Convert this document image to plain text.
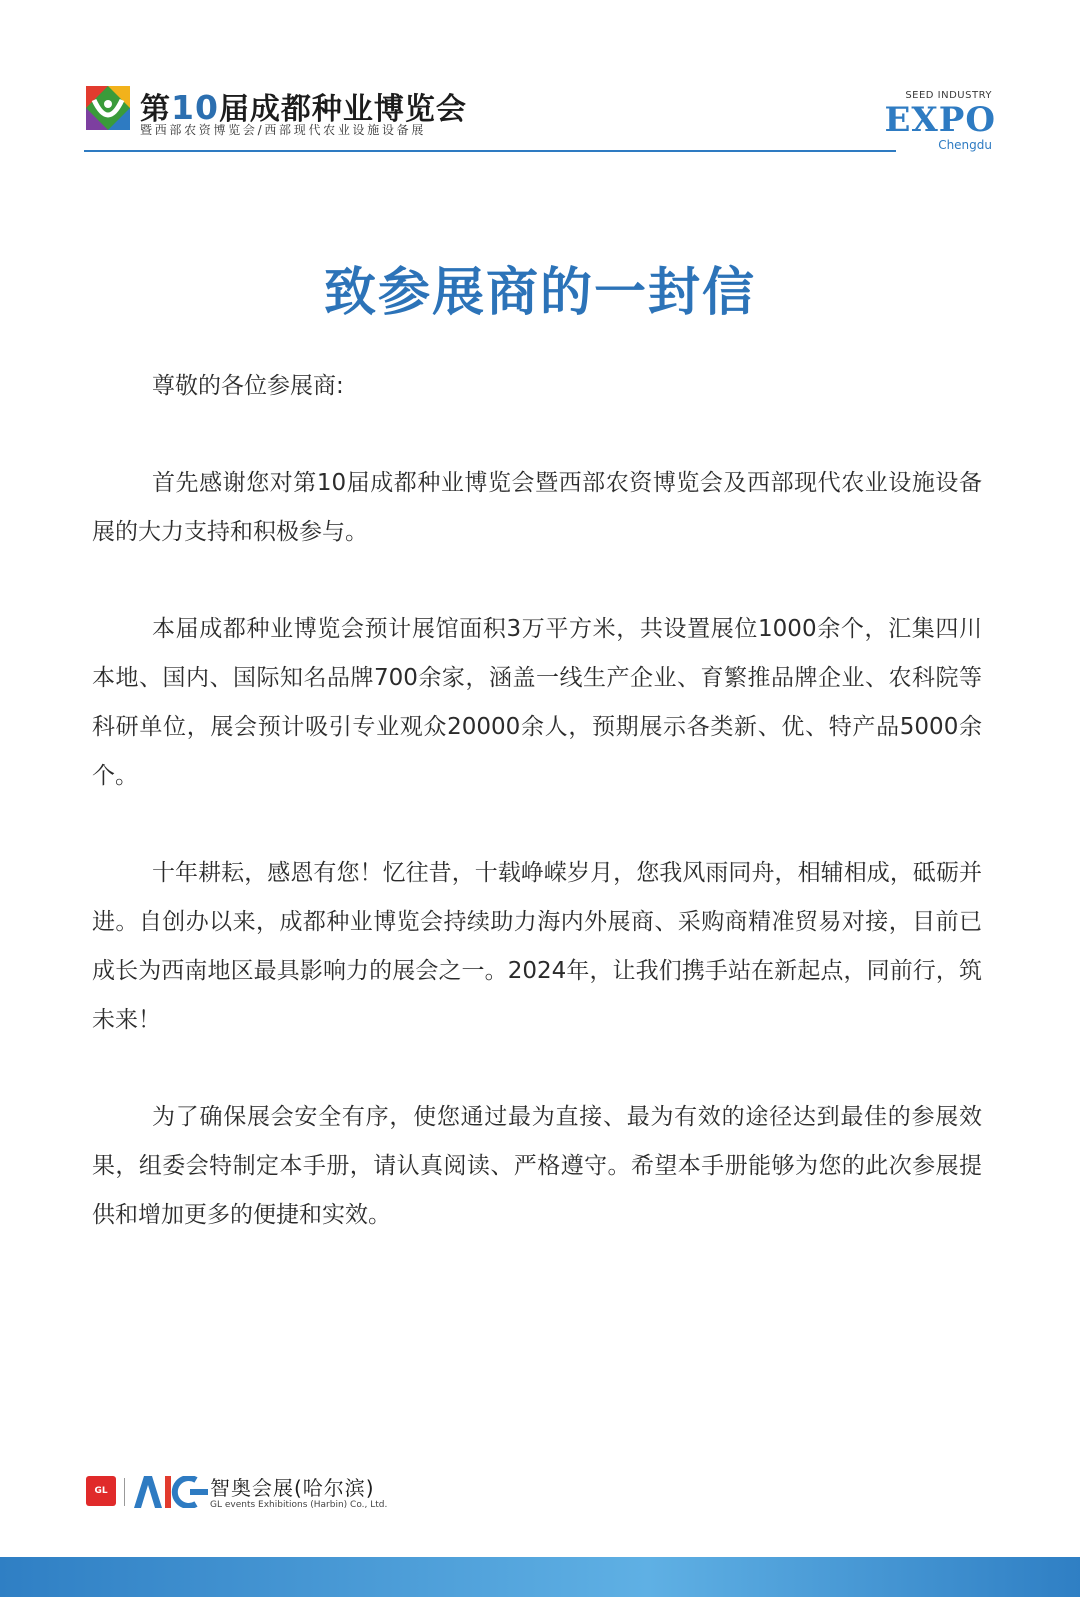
第10届成都种业博览会
暨西部农资博览会/西部现代农业设施设备展
SEED INDUSTRY
EXPO
Chengdu
致参展商的一封信

尊敬的各位参展商:

首先感谢您对第10届成都种业博览会暨西部农资博览会及西部现代农业设施设备展的大力支持和积极参与。

本届成都种业博览会预计展馆面积3万平方米，共设置展位1000余个，汇集四川本地、国内、国际知名品牌700余家，涵盖一线生产企业、育繁推品牌企业、农科院等科研单位，展会预计吸引专业观众20000余人，预期展示各类新、优、特产品5000余个。

十年耕耘，感恩有您！忆往昔，十载峥嵘岁月，您我风雨同舟，相辅相成，砥砺并进。自创办以来，成都种业博览会持续助力海内外展商、采购商精准贸易对接，目前已成长为西南地区最具影响力的展会之一。2024年，让我们携手站在新起点，同前行，筑未来！

为了确保展会安全有序，使您通过最为直接、最为有效的途径达到最佳的参展效果，组委会特制定本手册，请认真阅读、严格遵守。希望本手册能够为您的此次参展提供和增加更多的便捷和实效。

GL events
智奥会展(哈尔滨)
GL events Exhibitions (Harbin) Co., Ltd.
